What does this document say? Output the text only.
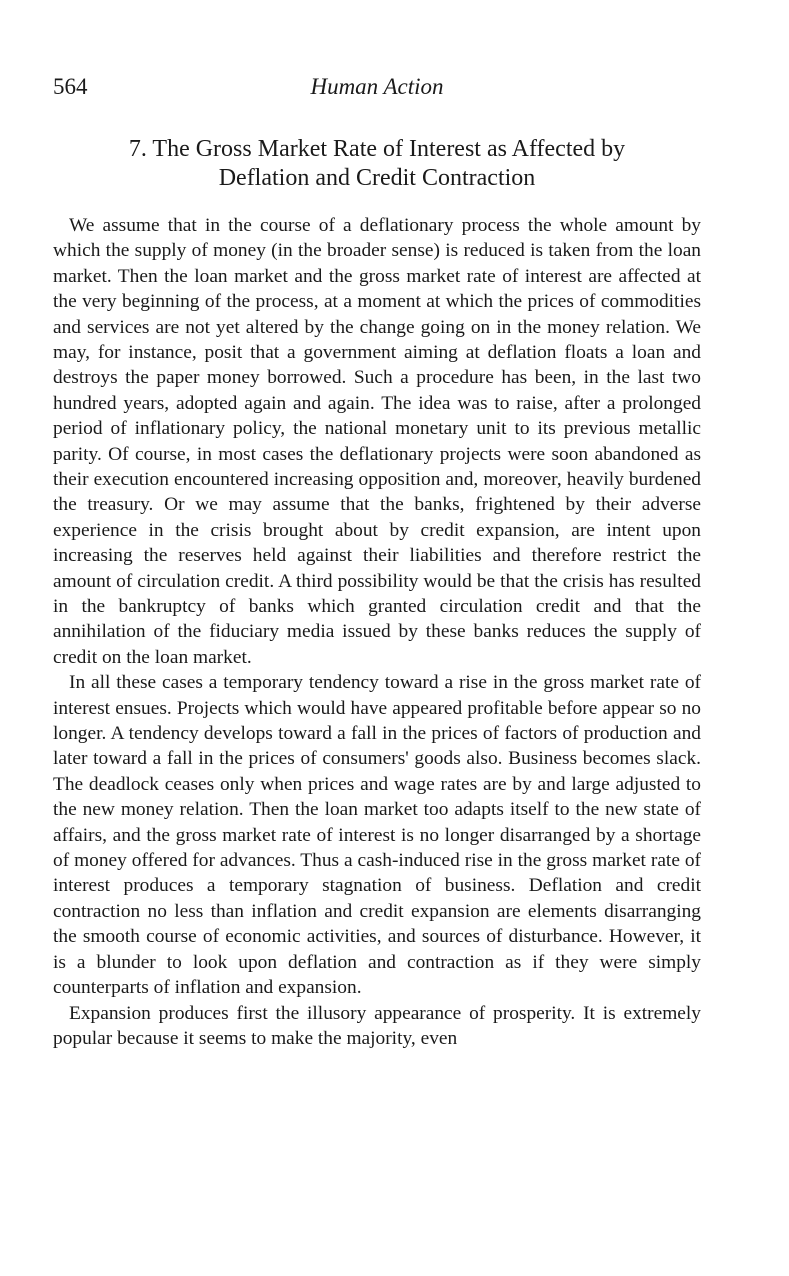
564	Human Action
7. The Gross Market Rate of Interest as Affected by
Deflation and Credit Contraction

We assume that in the course of a deflationary process the whole amount by which the supply of money (in the broader sense) is reduced is taken from the loan market. Then the loan market and the gross market rate of interest are affected at the very beginning of the process, at a moment at which the prices of commodities and services are not yet altered by the change going on in the money relation. We may, for instance, posit that a government aiming at deflation floats a loan and destroys the paper money borrowed. Such a procedure has been, in the last two hundred years, adopted again and again. The idea was to raise, after a prolonged period of inflationary policy, the national monetary unit to its previous metallic parity. Of course, in most cases the deflationary projects were soon abandoned as their execution encountered increasing opposition and, moreover, heavily burdened the treasury. Or we may assume that the banks, frightened by their adverse experience in the crisis brought about by credit expansion, are intent upon increasing the reserves held against their liabilities and therefore restrict the amount of circulation credit. A third possibility would be that the crisis has resulted in the bankruptcy of banks which granted circulation credit and that the annihilation of the fiduciary media issued by these banks reduces the supply of credit on the loan market.

In all these cases a temporary tendency toward a rise in the gross market rate of interest ensues. Projects which would have appeared profitable before appear so no longer. A tendency develops toward a fall in the prices of factors of production and later toward a fall in the prices of consumers' goods also. Business becomes slack. The deadlock ceases only when prices and wage rates are by and large adjusted to the new money relation. Then the loan market too adapts itself to the new state of affairs, and the gross market rate of interest is no longer disarranged by a shortage of money offered for advances. Thus a cash-induced rise in the gross market rate of interest produces a temporary stagnation of business. Deflation and credit contraction no less than inflation and credit expansion are elements disarranging the smooth course of economic activities, and sources of disturbance. However, it is a blunder to look upon deflation and contraction as if they were simply counterparts of inflation and expansion.

Expansion produces first the illusory appearance of prosperity. It is extremely popular because it seems to make the majority, even
